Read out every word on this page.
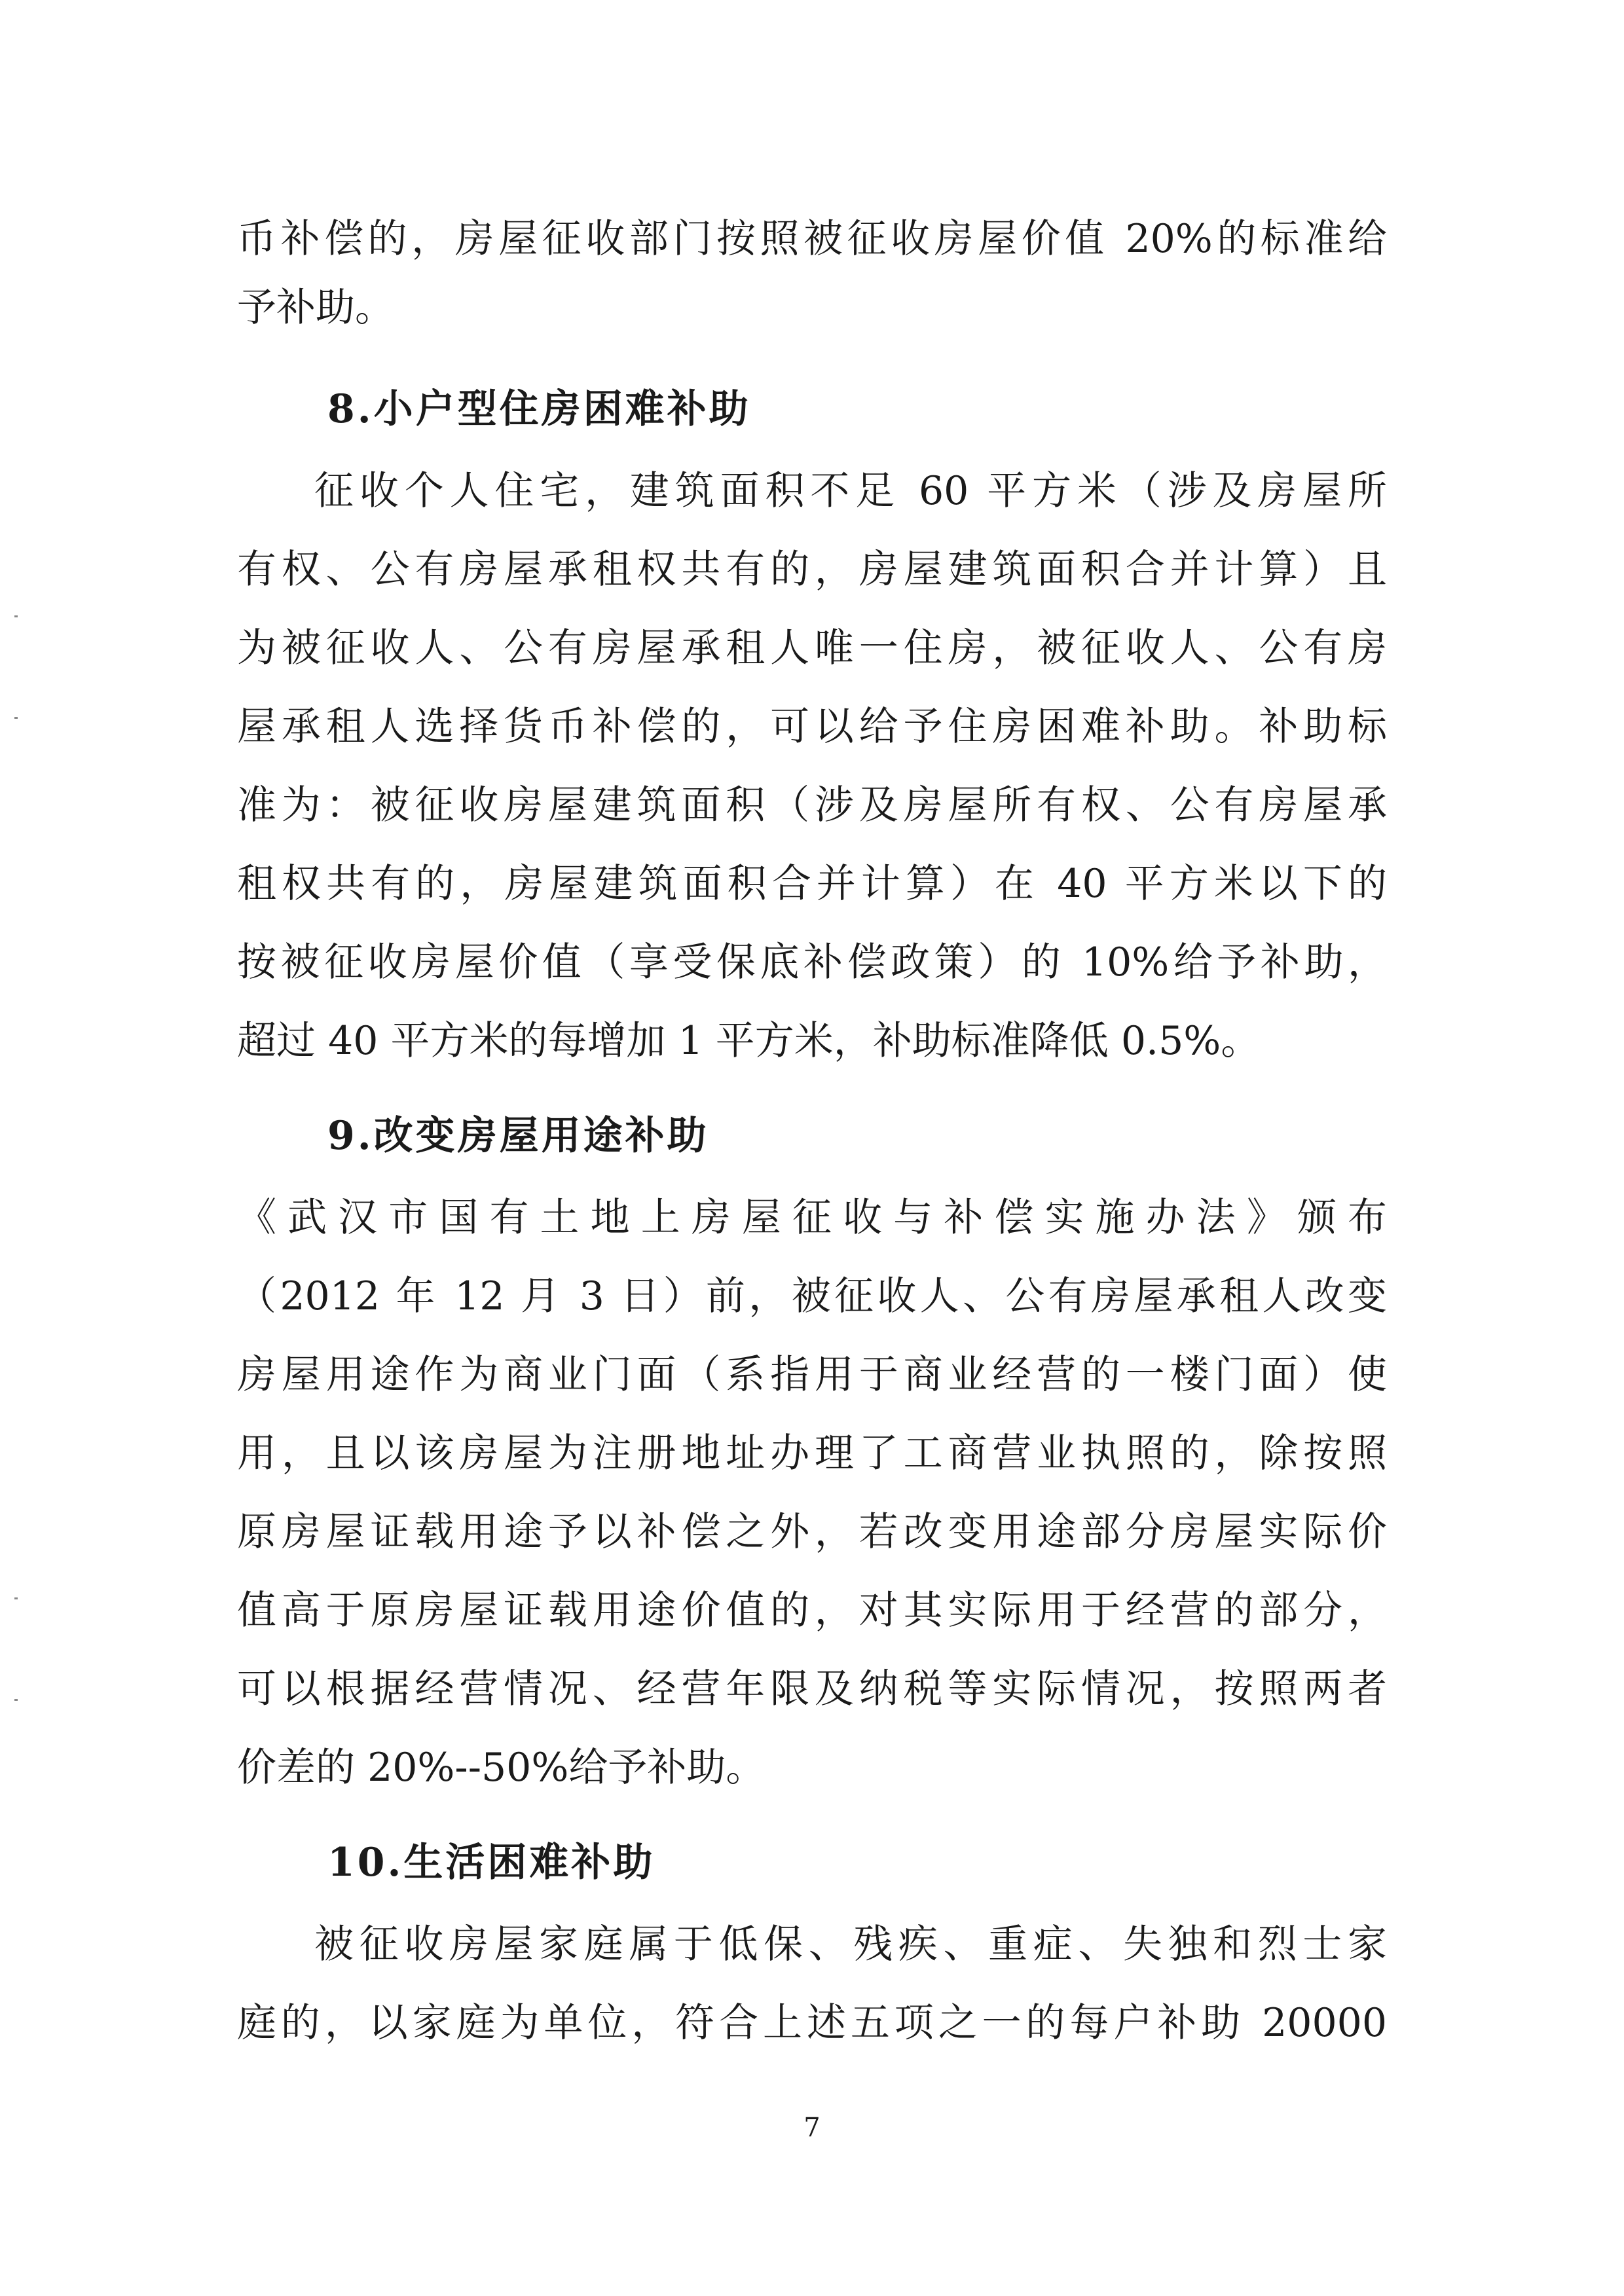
币补偿的，房屋征收部门按照被征收房屋价值 20%的标准给
予补助。
8.小户型住房困难补助
征收个人住宅，建筑面积不足 60 平方米（涉及房屋所
有权、公有房屋承租权共有的，房屋建筑面积合并计算）且
为被征收人、公有房屋承租人唯一住房，被征收人、公有房
屋承租人选择货币补偿的，可以给予住房困难补助。补助标
准为：被征收房屋建筑面积（涉及房屋所有权、公有房屋承
租权共有的，房屋建筑面积合并计算）在 40 平方米以下的
按被征收房屋价值（享受保底补偿政策）的 10%给予补助，
超过 40 平方米的每增加 1 平方米，补助标准降低 0.5%。
9.改变房屋用途补助
《武汉市国有土地上房屋征收与补偿实施办法》颁布
（2012 年 12 月 3 日）前，被征收人、公有房屋承租人改变
房屋用途作为商业门面（系指用于商业经营的一楼门面）使
用，且以该房屋为注册地址办理了工商营业执照的，除按照
原房屋证载用途予以补偿之外，若改变用途部分房屋实际价
值高于原房屋证载用途价值的，对其实际用于经营的部分，
可以根据经营情况、经营年限及纳税等实际情况，按照两者
价差的 20%--50%给予补助。
10.生活困难补助
被征收房屋家庭属于低保、残疾、重症、失独和烈士家
庭的，以家庭为单位，符合上述五项之一的每户补助 20000
7
